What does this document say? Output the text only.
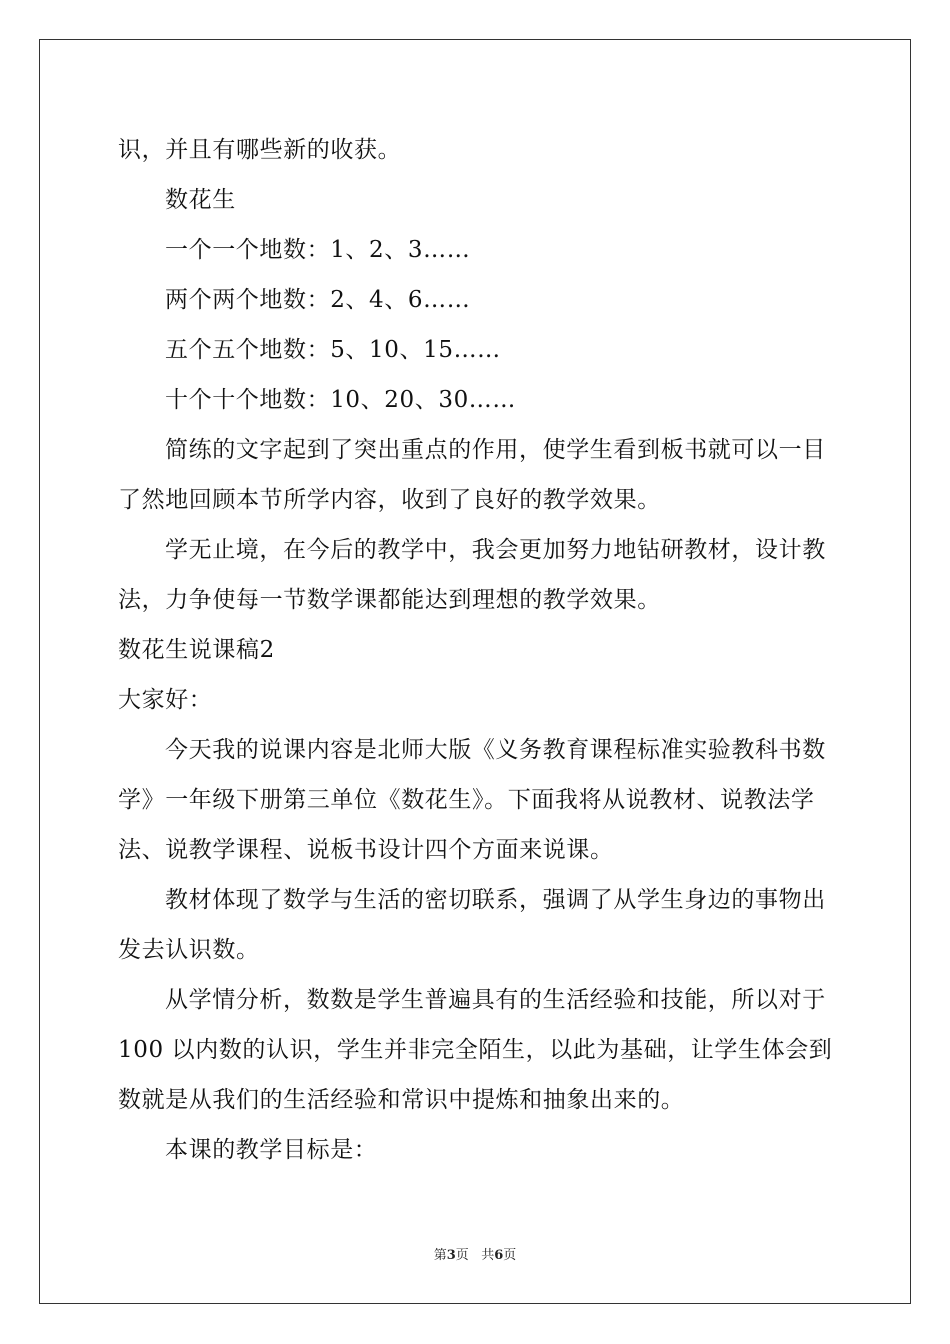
识，并且有哪些新的收获。
数花生
一个一个地数：1、2、3……
两个两个地数：2、4、6……
五个五个地数：5、10、15……
十个十个地数：10、20、30……
简练的文字起到了突出重点的作用，使学生看到板书就可以一目
了然地回顾本节所学内容，收到了良好的教学效果。
学无止境，在今后的教学中，我会更加努力地钻研教材，设计教
法，力争使每一节数学课都能达到理想的教学效果。
数花生说课稿2
大家好：
今天我的说课内容是北师大版《义务教育课程标准实验教科书数
学》一年级下册第三单位《数花生》。下面我将从说教材、说教法学
法、说教学课程、说板书设计四个方面来说课。
教材体现了数学与生活的密切联系，强调了从学生身边的事物出
发去认识数。
从学情分析，数数是学生普遍具有的生活经验和技能，所以对于
100 以内数的认识，学生并非完全陌生，以此为基础，让学生体会到
数就是从我们的生活经验和常识中提炼和抽象出来的。
本课的教学目标是：
第3页 共6页
